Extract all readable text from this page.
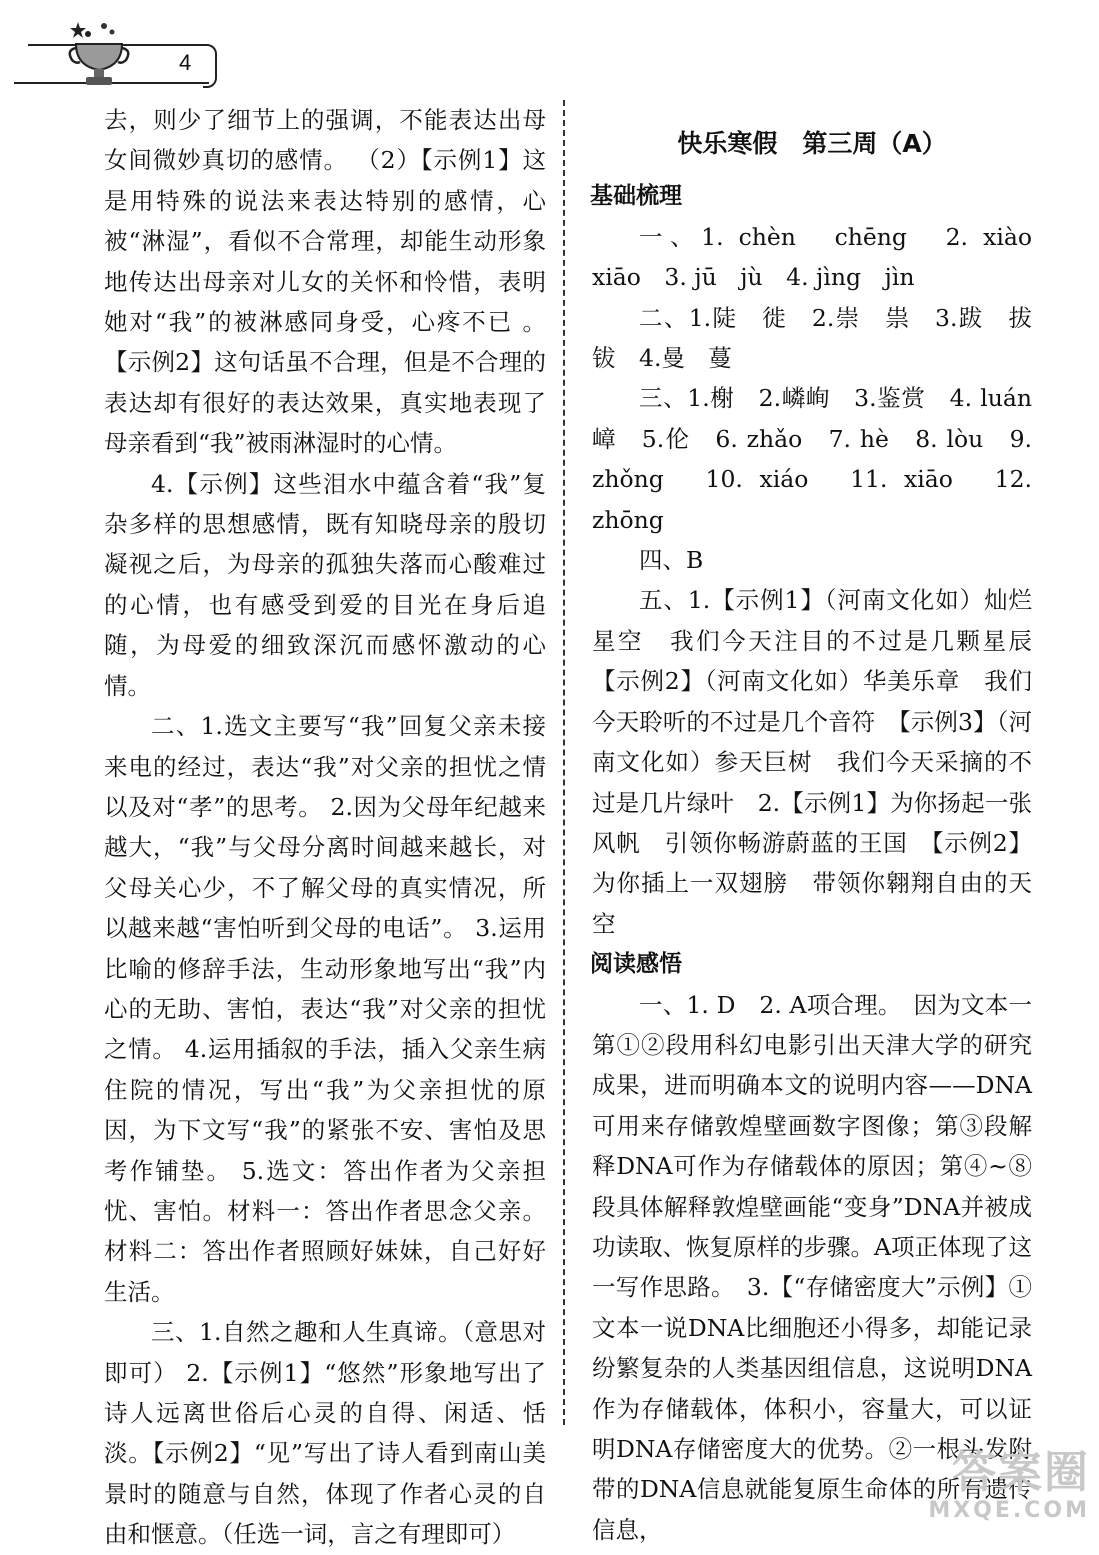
4

去，则少了细节上的强调，不能表达出母女间微妙真切的感情。 （2）【示例1】这是用特殊的说法来表达特别的感情，心被“淋湿”，看似不合常理，却能生动形象地传达出母亲对儿女的关怀和怜惜，表明她对“我”的被淋感同身受，心疼不已 。【示例2】这句话虽不合理，但是不合理的表达却有很好的表达效果，真实地表现了母亲看到“我”被雨淋湿时的心情。

4.【示例】这些泪水中蕴含着“我”复杂多样的思想感情，既有知晓母亲的殷切凝视之后，为母亲的孤独失落而心酸难过的心情，也有感受到爱的目光在身后追随，为母爱的细致深沉而感怀激动的心情。

二、1.选文主要写“我”回复父亲未接来电的经过，表达“我”对父亲的担忧之情以及对“孝”的思考。 2.因为父母年纪越来越大，“我”与父母分离时间越来越长，对父母关心少，不了解父母的真实情况，所以越来越“害怕听到父母的电话”。 3.运用比喻的修辞手法，生动形象地写出“我”内心的无助、害怕，表达“我”对父亲的担忧之情。 4.运用插叙的手法，插入父亲生病住院的情况，写出“我”为父亲担忧的原因，为下文写“我”的紧张不安、害怕及思考作铺垫。 5.选文：答出作者为父亲担忧、害怕。材料一：答出作者思念父亲。材料二：答出作者照顾好妹妹，自己好好生活。

三、1.自然之趣和人生真谛。（意思对即可） 2.【示例1】“悠然”形象地写出了诗人远离世俗后心灵的自得、闲适、恬淡。【示例2】“见”写出了诗人看到南山美景时的随意与自然，体现了作者心灵的自由和惬意。（任选一词，言之有理即可）

快乐寒假　第三周（A）

基础梳理

一、1. chèn　chēng　2. xiào　xiāo　3. jū　jù　4. jìng　jìn

二、1.陡　徙　2.崇　祟　3.跋　拔　钹　4.曼　蔓

三、1.榭　2.嶙峋　3.鉴赏　4. luán　嶂　5.伦　6. zhǎo　7. hè　8. lòu　9. zhǒng　10. xiáo　11. xiāo　12. zhōng

四、B

五、1.【示例1】（河南文化如）灿烂星空　我们今天注目的不过是几颗星辰　【示例2】（河南文化如）华美乐章　我们今天聆听的不过是几个音符　【示例3】（河南文化如）参天巨树　我们今天采摘的不过是几片绿叶　2.【示例1】为你扬起一张风帆　引领你畅游蔚蓝的王国　【示例2】为你插上一双翅膀　带领你翱翔自由的天空

阅读感悟

一、1. D　2. A项合理。　因为文本一第①②段用科幻电影引出天津大学的研究成果，进而明确本文的说明内容——DNA可用来存储敦煌壁画数字图像；第③段解释DNA可作为存储载体的原因；第④~⑧段具体解释敦煌壁画能“变身”DNA并被成功读取、恢复原样的步骤。A项正体现了这一写作思路。　3.【“存储密度大”示例】①文本一说DNA比细胞还小得多，却能记录纷繁复杂的人类基因组信息，这说明DNA作为存储载体，体积小，容量大，可以证明DNA存储密度大的优势。②一根头发附带的DNA信息就能复原生命体的所有遗传信息，

答案圈
MXQE.COM
